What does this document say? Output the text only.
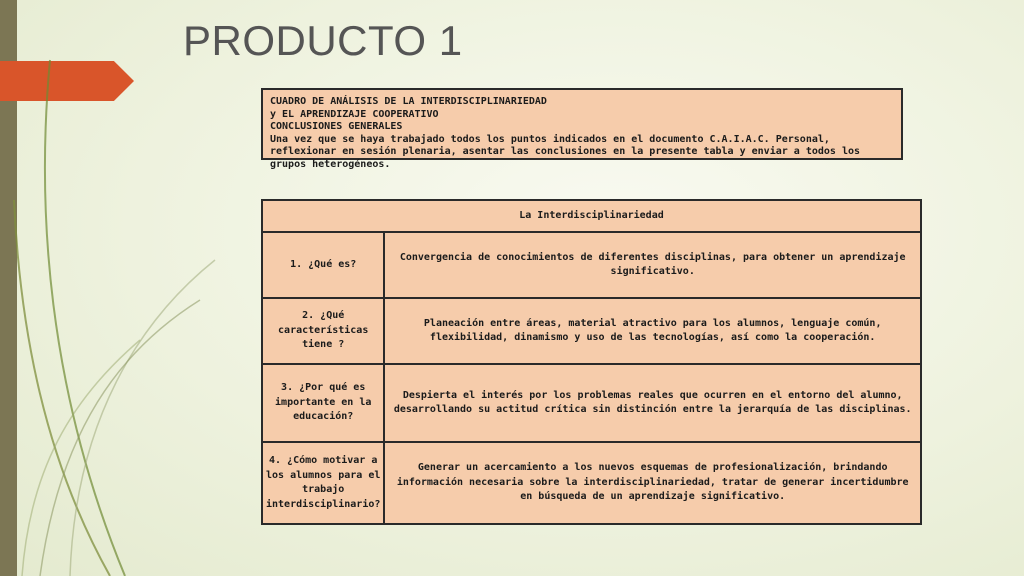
PRODUCTO 1
CUADRO DE ANÁLISIS DE LA INTERDISCIPLINARIEDAD
y EL APRENDIZAJE COOPERATIVO
CONCLUSIONES GENERALES
Una vez que se haya trabajado todos los puntos indicados en el documento C.A.I.A.C. Personal, reflexionar en sesión plenaria, asentar las conclusiones en la presente tabla y enviar a todos los grupos heterogéneos.
La Interdisciplinariedad	
1. ¿Qué es?	Convergencia de conocimientos de diferentes disciplinas, para obtener un aprendizaje significativo.
2. ¿Qué características tiene ?	Planeación entre áreas, material atractivo para los alumnos, lenguaje común, flexibilidad, dinamismo y uso de las tecnologías, así como la cooperación.
3. ¿Por qué es importante en la educación?	Despierta el interés por los problemas reales que ocurren en el entorno del alumno, desarrollando su actitud crítica sin distinción entre la jerarquía de las disciplinas.
4. ¿Cómo motivar a los alumnos para el trabajo interdisciplinario?	Generar un acercamiento a los nuevos esquemas de profesionalización, brindando información necesaria sobre la interdisciplinariedad, tratar de generar incertidumbre en búsqueda de un aprendizaje significativo.
